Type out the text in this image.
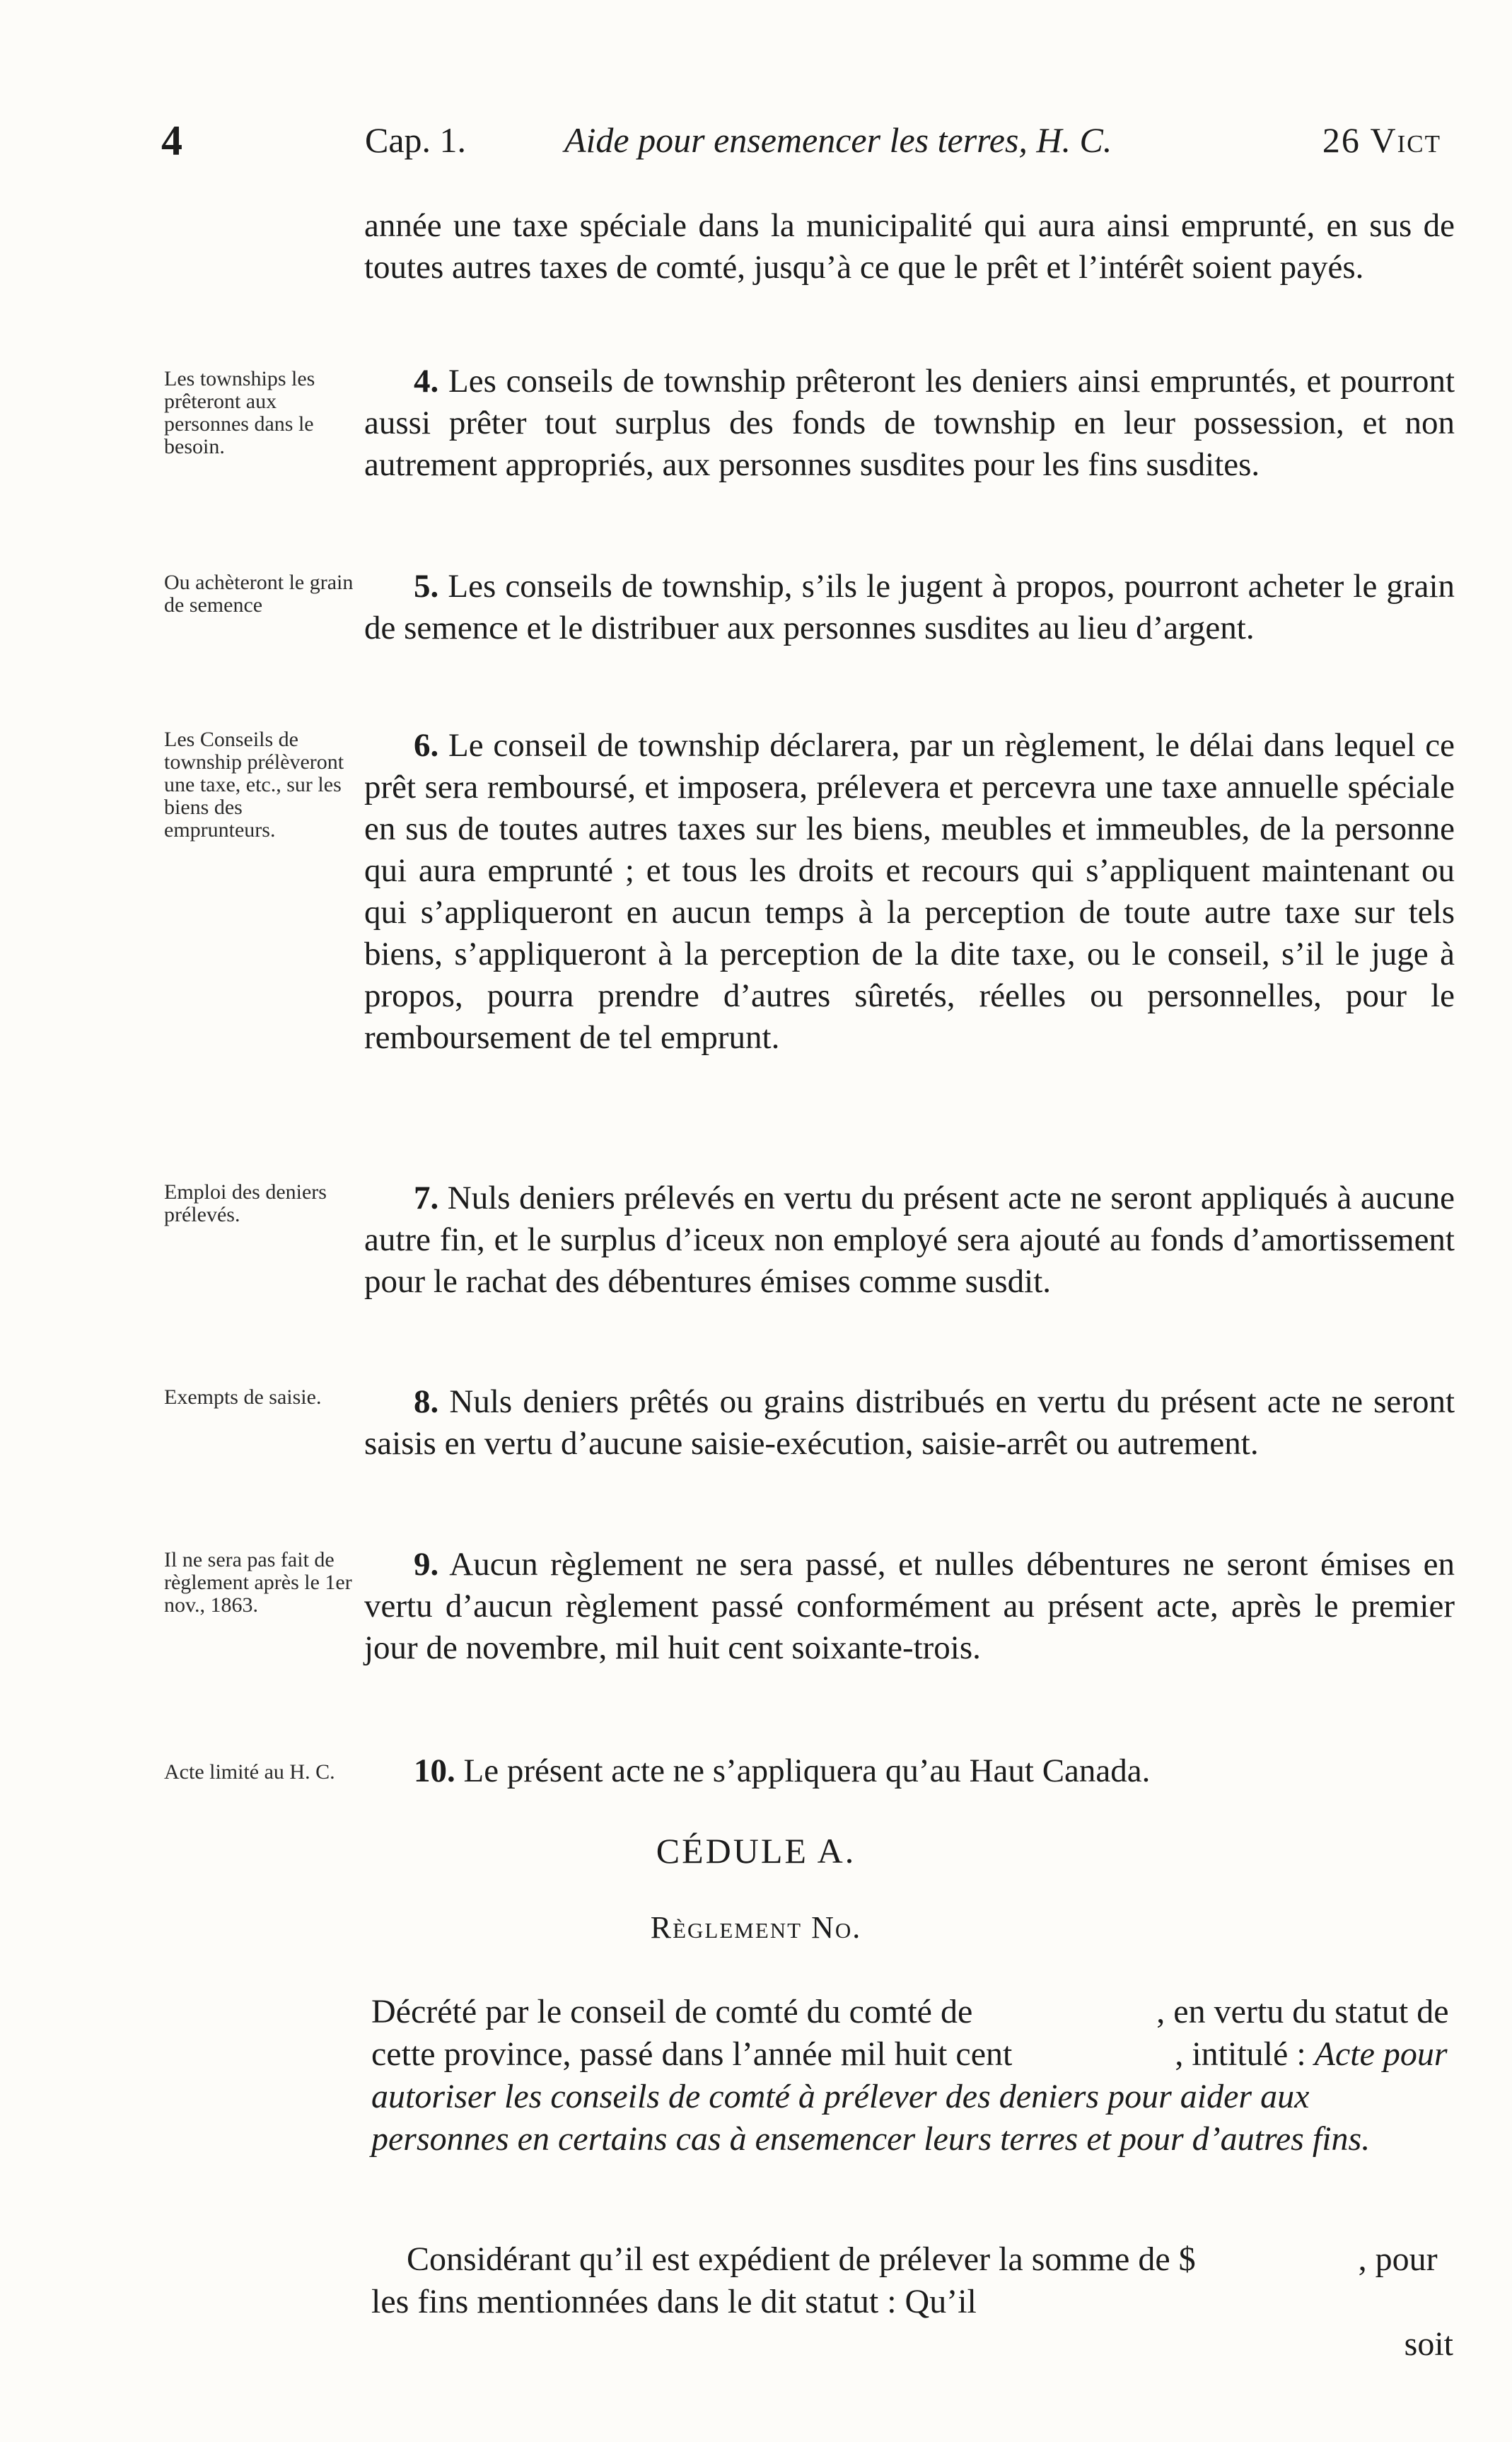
4	Cap. 1.	Aide pour ensemencer les terres, H. C.	26 Vict

année une taxe spéciale dans la municipalité qui aura ainsi emprunté, en sus de toutes autres taxes de comté, jusqu’à ce que le prêt et l’intérêt soient payés.

Les townships les prêteront aux personnes dans le besoin.

4. Les conseils de township prêteront les deniers ainsi empruntés, et pourront aussi prêter tout surplus des fonds de township en leur possession, et non autrement appropriés, aux personnes susdites pour les fins susdites.

Ou achèteront le grain de semence

5. Les conseils de township, s’ils le jugent à propos, pourront acheter le grain de semence et le distribuer aux personnes susdites au lieu d’argent.

Les Conseils de township prélèveront une taxe, etc., sur les biens des emprunteurs.

6. Le conseil de township déclarera, par un règlement, le délai dans lequel ce prêt sera remboursé, et imposera, prélevera et percevra une taxe annuelle spéciale en sus de toutes autres taxes sur les biens, meubles et immeubles, de la personne qui aura emprunté ; et tous les droits et recours qui s’appliquent maintenant ou qui s’appliqueront en aucun temps à la perception de toute autre taxe sur tels biens, s’appliqueront à la perception de la dite taxe, ou le conseil, s’il le juge à propos, pourra prendre d’autres sûretés, réelles ou personnelles, pour le remboursement de tel emprunt.

Emploi des deniers prélevés.	7. Nuls deniers prélevés en vertu du présent acte ne seront appliqués à aucune autre fin, et le surplus d’iceux non employé sera ajouté au fonds d’amortissement pour le rachat des débentures émises comme susdit.

Exempts de saisie.	8. Nuls deniers prêtés ou grains distribués en vertu du présent acte ne seront saisis en vertu d’aucune saisie-exécution, saisie-arrêt ou autrement.

Il ne sera pas fait de règlement après le 1er nov., 1863.

9. Aucun règlement ne sera passé, et nulles débentures ne seront émises en vertu d’aucun règlement passé conformément au présent acte, après le premier jour de novembre, mil huit cent soixante-trois.

Acte limité au H. C.	10. Le présent acte ne s’appliquera qu’au Haut Canada.

CÉDULE A.
Règlement No.
Décrété par le conseil de comté du comté de	, en vertu du statut de cette province, passé dans l’année mil huit cent	, intitulé : Acte pour autoriser les conseils de comté à prélever des deniers pour aider aux personnes en certains cas à ensemencer leurs terres et pour d’autres fins.
Considérant qu’il est expédient de prélever la somme de $	, pour les fins mentionnées dans le dit statut : Qu’il
soit
